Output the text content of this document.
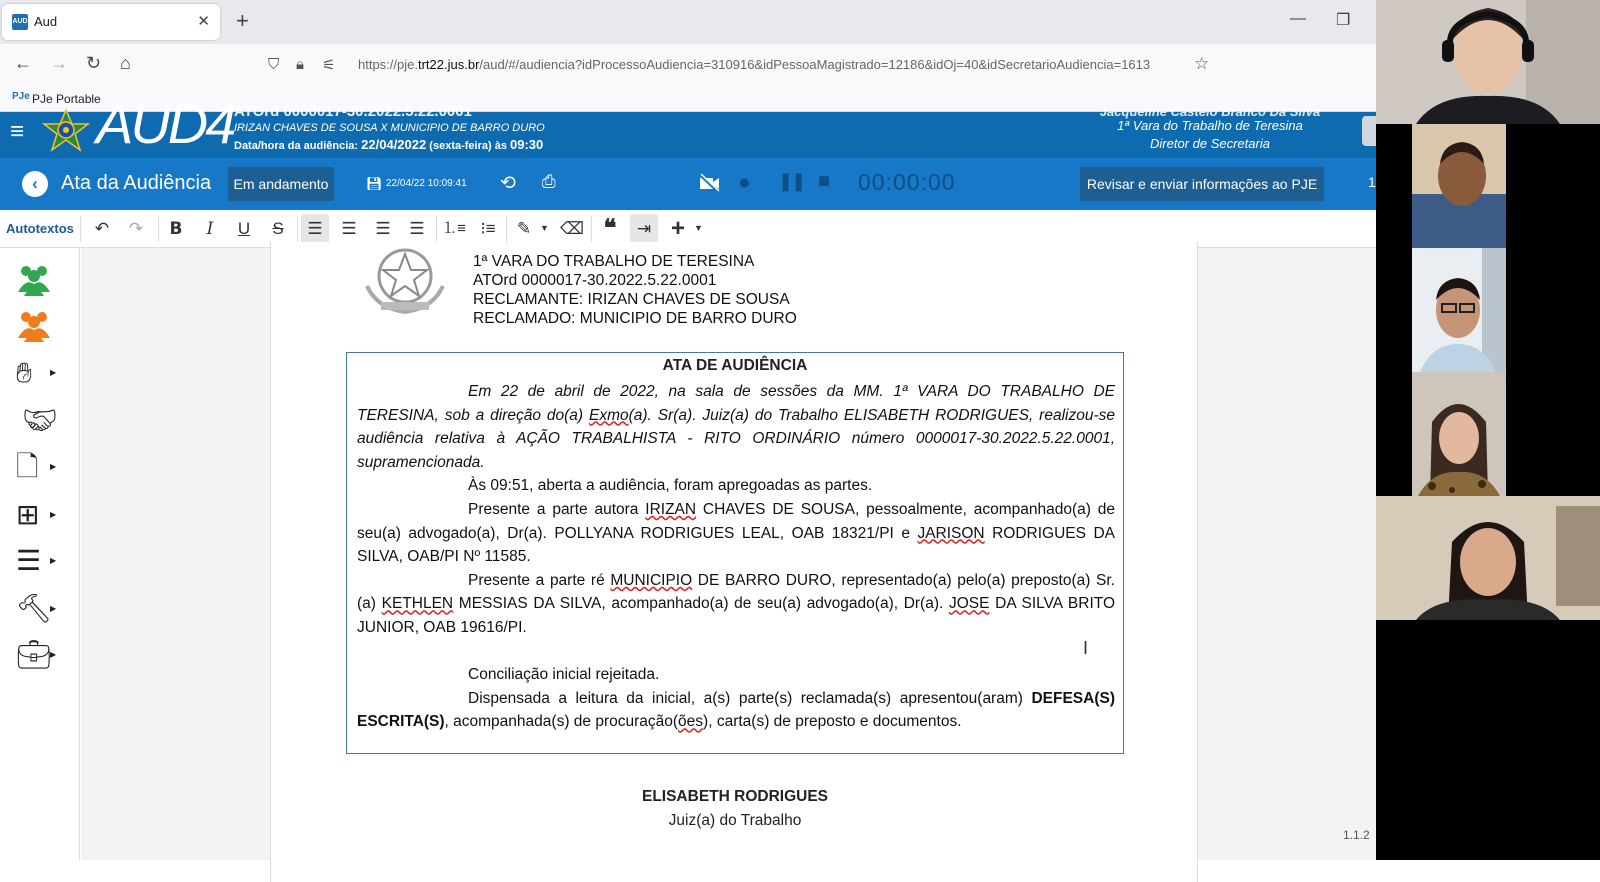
AUD Aud	✕ +	— ❐
← → ↻ ⌂	⛉ 🔒︎ ⚟ https://pje.trt22.jus.br/aud/#/audiencia?idProcessoAudiencia=310916&idPessoaMagistrado=12186&idOj=40&idSecretarioAudiencia=1613	☆
PJe PJe Portable
≡ AUD4 ATOrd 0000017-30.2022.5.22.0001
IRIZAN CHAVES DE SOUSA X MUNICIPIO DE BARRO DURO
Data/hora da audiência: 22/04/2022 (sexta-feira) às 09:30
Jacqueline Castelo Branco Da Silva
1ª Vara do Trabalho de Teresina
Diretor de Secretaria
‹	Ata da Audiência	Em andamento	💾︎ 22/04/22 10:09:41 ⟲ ⎙	● ❚❚ ■ 00:00:00	Revisar e enviar informações ao PJE	1
Autotextos	↶	↷	B	I	U	S	☰	☰	☰	☰	⒈≡ ⁝≡	✎ ▼ ⌫ ❝	⇥ +	▼
✋︎ ▶
🤝︎
🗋 ▶
⊞ ▶
☰ ▶
🔨︎
▶
💼︎
▶
1ª VARA DO TRABALHO DE TERESINA
ATOrd 0000017-30.2022.5.22.0001
RECLAMANTE: IRIZAN CHAVES DE SOUSA
RECLAMADO: MUNICIPIO DE BARRO DURO
ATA DE AUDIÊNCIA

Em 22 de abril de 2022, na sala de sessões da MM. 1ª VARA DO TRABALHO DE TERESINA, sob a direção do(a) Exmo(a). Sr(a). Juiz(a) do Trabalho ELISABETH RODRIGUES, realizou-se audiência relativa à AÇÃO TRABALHISTA - RITO ORDINÁRIO número 0000017-30.2022.5.22.0001, supramencionada.

Às 09:51, aberta a audiência, foram apregoadas as partes.

Presente a parte autora IRIZAN CHAVES DE SOUSA, pessoalmente, acompanhado(a) de seu(a) advogado(a), Dr(a). POLLYANA RODRIGUES LEAL, OAB 18321/PI e JARISON RODRIGUES DA SILVA, OAB/PI Nº 11585.

Presente a parte ré MUNICIPIO DE BARRO DURO, representado(a) pelo(a) preposto(a) Sr.(a) KETHLEN MESSIAS DA SILVA, acompanhado(a) de seu(a) advogado(a), Dr(a). JOSE DA SILVA BRITO JUNIOR, OAB 19616/PI.

Conciliação inicial rejeitada.

Dispensada a leitura da inicial, a(s) parte(s) reclamada(s) apresentou(aram) DEFESA(S) ESCRITA(S), acompanhada(s) de procuração(ões), carta(s) de preposto e documentos.

ELISABETH RODRIGUES
Juiz(a) do Trabalho
I
1.1.2
